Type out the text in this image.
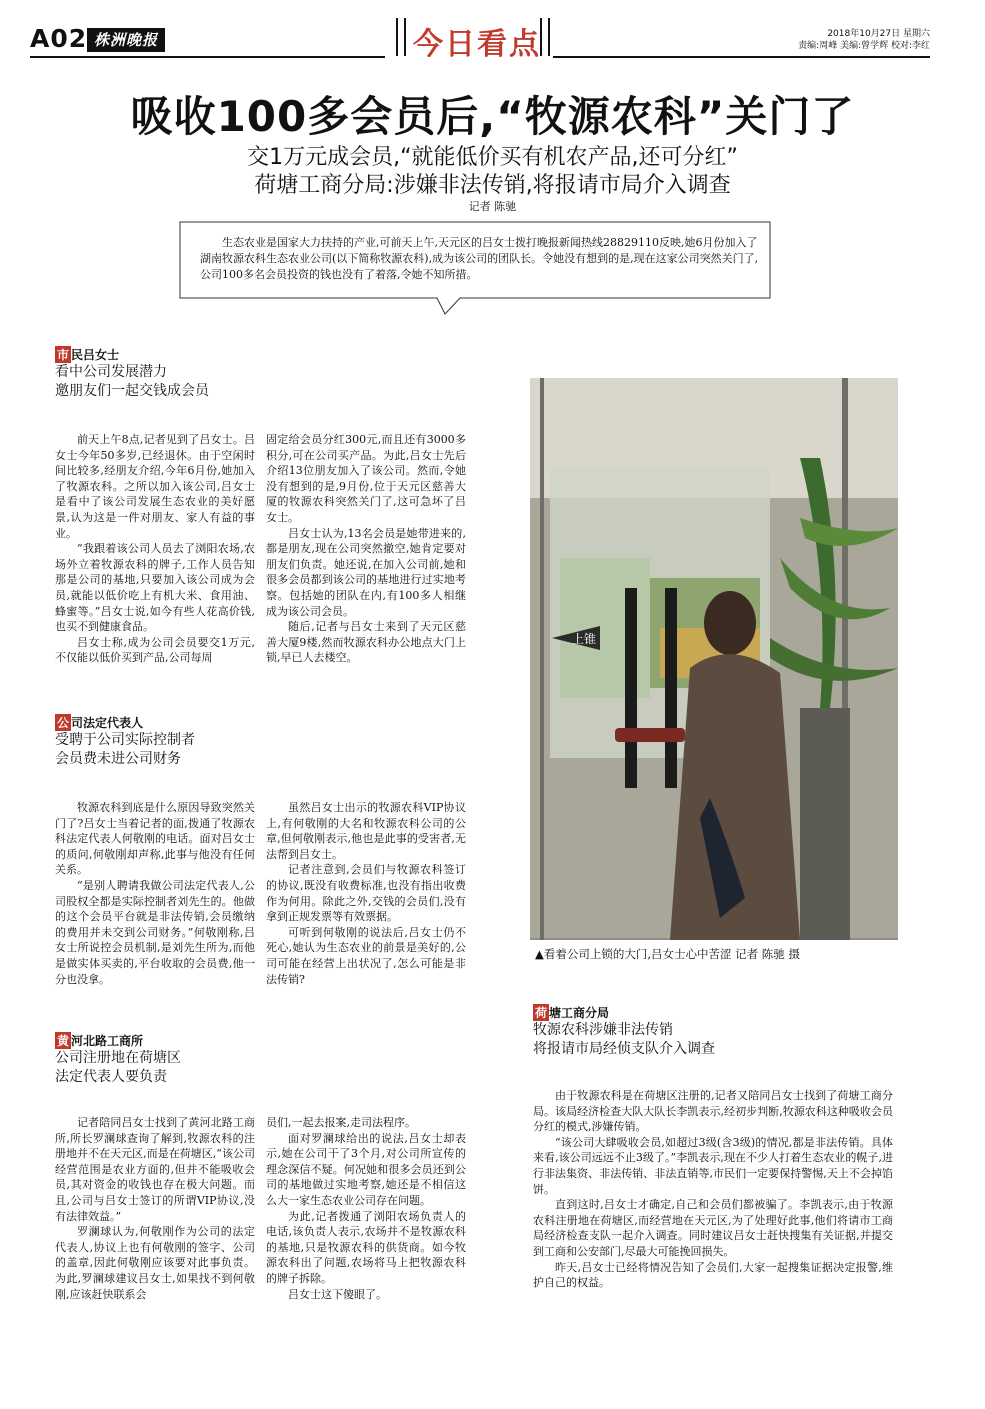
A02 株洲晚报	今日看点	2018年10月27日 星期六
责编:周峰 美编:曾学辉 校对:李红
吸收100多会员后,“牧源农科”关门了
交1万元成会员,“就能低价买有机农产品,还可分红”
荷塘工商分局:涉嫌非法传销,将报请市局介入调查
记者 陈驰
生态农业是国家大力扶持的产业,可前天上午,天元区的吕女士拨打晚报新闻热线28829110反映,她6月份加入了湖南牧源农科生态农业公司(以下简称牧源农科),成为该公司的团队长。令她没有想到的是,现在这家公司突然关门了,公司100多名会员投资的钱也没有了着落,令她不知所措。
市 民吕女士
看中公司发展潜力
邀朋友们一起交钱成会员

前天上午8点,记者见到了吕女士。吕女士今年50多岁,已经退休。由于空闲时间比较多,经朋友介绍,今年6月份,她加入了牧源农科。之所以加入该公司,吕女士是看中了该公司发展生态农业的美好愿景,认为这是一件对朋友、家人有益的事业。

“我跟着该公司人员去了浏阳农场,农场外立着牧源农科的牌子,工作人员告知那是公司的基地,只要加入该公司成为会员,就能以低价吃上有机大米、食用油、蜂蜜等。”吕女士说,如今有些人花高价钱,也买不到健康食品。

吕女士称,成为公司会员要交1万元,不仅能以低价买到产品,公司每周

固定给会员分红300元,而且还有3000多积分,可在公司买产品。为此,吕女士先后介绍13位朋友加入了该公司。然而,令她没有想到的是,9月份,位于天元区慈善大厦的牧源农科突然关门了,这可急坏了吕女士。

吕女士认为,13名会员是她带进来的,都是朋友,现在公司突然撤空,她肯定要对朋友们负责。她还说,在加入公司前,她和很多会员都到该公司的基地进行过实地考察。包括她的团队在内,有100多人相继成为该公司会员。

随后,记者与吕女士来到了天元区慈善大厦9楼,然而牧源农科办公地点大门上锁,早已人去楼空。

公 司法定代表人
受聘于公司实际控制者
会员费未进公司财务

牧源农科到底是什么原因导致突然关门了?吕女士当着记者的面,拨通了牧源农科法定代表人何敬刚的电话。面对吕女士的质问,何敬刚却声称,此事与他没有任何关系。

“是别人聘请我做公司法定代表人,公司股权全都是实际控制者刘先生的。他做的这个会员平台就是非法传销,会员缴纳的费用并未交到公司财务。”何敬刚称,吕女士所说控会员机制,是刘先生所为,而他是做实体买卖的,平台收取的会员费,他一分也没拿。

虽然吕女士出示的牧源农科VIP协议上,有何敬刚的大名和牧源农科公司的公章,但何敬刚表示,他也是此事的受害者,无法帮到吕女士。

记者注意到,会员们与牧源农科签订的协议,既没有收费标准,也没有指出收费作为何用。除此之外,交钱的会员们,没有拿到正规发票等有效票据。

可听到何敬刚的说法后,吕女士仍不死心,她认为生态农业的前景是美好的,公司可能在经营上出状况了,怎么可能是非法传销?

黄 河北路工商所
公司注册地在荷塘区
法定代表人要负责

记者陪同吕女士找到了黄河北路工商所,所长罗澜球查询了解到,牧源农科的注册地并不在天元区,而是在荷塘区,“该公司经营范围是农业方面的,但并不能吸收会员,其对资金的收钱也存在极大问题。而且,公司与吕女士签订的所谓VIP协议,没有法律效益。”

罗澜球认为,何敬刚作为公司的法定代表人,协议上也有何敬刚的签字、公司的盖章,因此何敬刚应该要对此事负责。为此,罗澜球建议吕女士,如果找不到何敬刚,应该赶快联系会

员们,一起去报案,走司法程序。

面对罗澜球给出的说法,吕女士却表示,她在公司干了3个月,对公司所宣传的理念深信不疑。何况她和很多会员还到公司的基地做过实地考察,她还是不相信这么大一家生态农业公司存在问题。

为此,记者拨通了浏阳农场负责人的电话,该负责人表示,农场并不是牧源农科的基地,只是牧源农科的供货商。如今牧源农科出了问题,农场将马上把牧源农科的牌子拆除。

吕女士这下傻眼了。

上锥
▲看着公司上锁的大门,吕女士心中苦涩 记者 陈驰 摄
荷 塘工商分局
牧源农科涉嫌非法传销
将报请市局经侦支队介入调查

由于牧源农科是在荷塘区注册的,记者又陪同吕女士找到了荷塘工商分局。该局经济检查大队大队长李凯表示,经初步判断,牧源农科这种吸收会员分红的模式,涉嫌传销。

“该公司大肆吸收会员,如超过3级(含3级)的情况,都是非法传销。具体来看,该公司远远不止3级了。”李凯表示,现在不少人打着生态农业的幌子,进行非法集资、非法传销、非法直销等,市民们一定要保持警惕,天上不会掉馅饼。

直到这时,吕女士才确定,自己和会员们都被骗了。李凯表示,由于牧源农科注册地在荷塘区,而经营地在天元区,为了处理好此事,他们将请市工商局经济检查支队一起介入调查。同时建议吕女士赶快搜集有关证据,并提交到工商和公安部门,尽最大可能挽回损失。

昨天,吕女士已经将情况告知了会员们,大家一起搜集证据决定报警,维护自己的权益。
